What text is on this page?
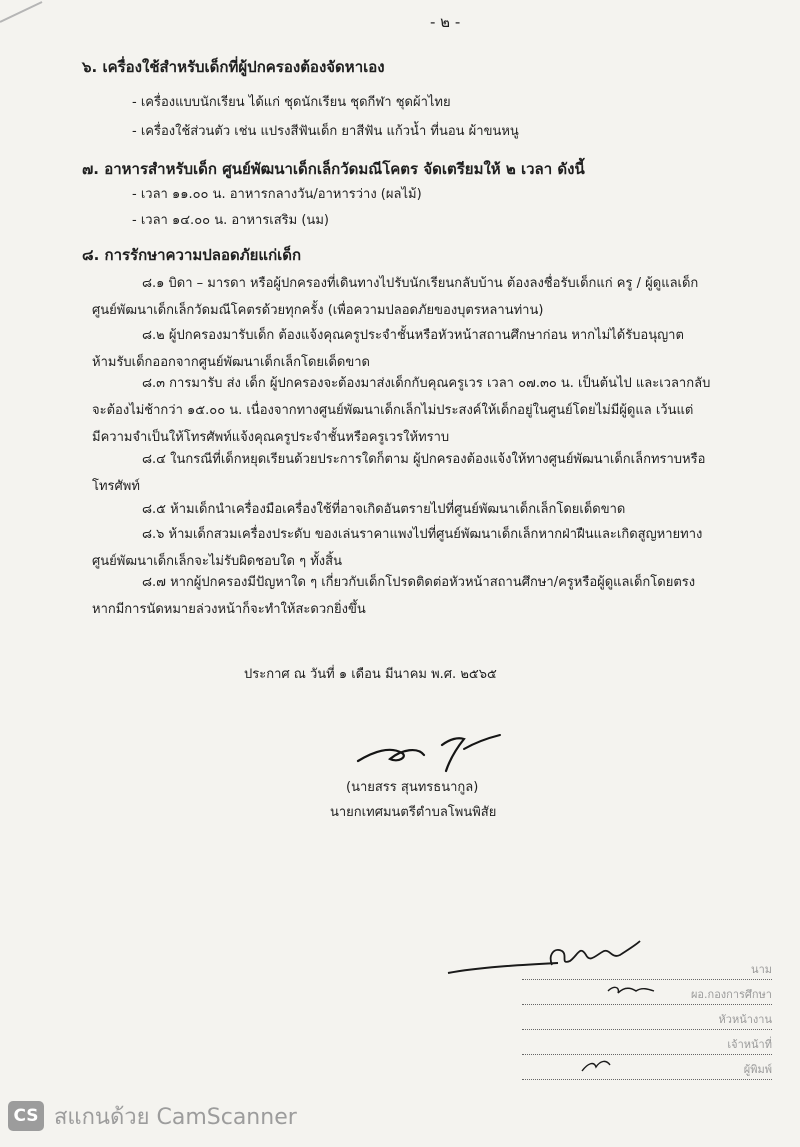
- ๒ -
๖. เครื่องใช้สำหรับเด็กที่ผู้ปกครองต้องจัดหาเอง
- เครื่องแบบนักเรียน ได้แก่ ชุดนักเรียน ชุดกีฬา ชุดผ้าไทย
- เครื่องใช้ส่วนตัว เช่น แปรงสีฟันเด็ก ยาสีฟัน แก้วน้ำ ที่นอน ผ้าขนหนู
๗. อาหารสำหรับเด็ก ศูนย์พัฒนาเด็กเล็กวัดมณีโคตร จัดเตรียมให้ ๒ เวลา ดังนี้
- เวลา ๑๑.๐๐ น. อาหารกลางวัน/อาหารว่าง (ผลไม้)
- เวลา ๑๔.๐๐ น. อาหารเสริม (นม)
๘. การรักษาความปลอดภัยแก่เด็ก
๘.๑ บิดา – มารดา หรือผู้ปกครองที่เดินทางไปรับนักเรียนกลับบ้าน ต้องลงชื่อรับเด็กแก่ ครู / ผู้ดูแลเด็ก
ศูนย์พัฒนาเด็กเล็กวัดมณีโคตรด้วยทุกครั้ง (เพื่อความปลอดภัยของบุตรหลานท่าน)
๘.๒ ผู้ปกครองมารับเด็ก ต้องแจ้งคุณครูประจำชั้นหรือหัวหน้าสถานศึกษาก่อน หากไม่ได้รับอนุญาต
ห้ามรับเด็กออกจากศูนย์พัฒนาเด็กเล็กโดยเด็ดขาด
๘.๓ การมารับ ส่ง เด็ก ผู้ปกครองจะต้องมาส่งเด็กกับคุณครูเวร เวลา ๐๗.๓๐ น. เป็นต้นไป และเวลากลับ
จะต้องไม่ช้ากว่า ๑๕.๐๐ น. เนื่องจากทางศูนย์พัฒนาเด็กเล็กไม่ประสงค์ให้เด็กอยู่ในศูนย์โดยไม่มีผู้ดูแล เว้นแต่
มีความจำเป็นให้โทรศัพท์แจ้งคุณครูประจำชั้นหรือครูเวรให้ทราบ
๘.๔ ในกรณีที่เด็กหยุดเรียนด้วยประการใดก็ตาม ผู้ปกครองต้องแจ้งให้ทางศูนย์พัฒนาเด็กเล็กทราบหรือ
โทรศัพท์
๘.๕ ห้ามเด็กนำเครื่องมือเครื่องใช้ที่อาจเกิดอันตรายไปที่ศูนย์พัฒนาเด็กเล็กโดยเด็ดขาด
๘.๖ ห้ามเด็กสวมเครื่องประดับ ของเล่นราคาแพงไปที่ศูนย์พัฒนาเด็กเล็กหากฝ่าฝืนและเกิดสูญหายทาง
ศูนย์พัฒนาเด็กเล็กจะไม่รับผิดชอบใด ๆ ทั้งสิ้น
๘.๗ หากผู้ปกครองมีปัญหาใด ๆ เกี่ยวกับเด็กโปรดติดต่อหัวหน้าสถานศึกษา/ครูหรือผู้ดูแลเด็กโดยตรง
หากมีการนัดหมายล่วงหน้าก็จะทำให้สะดวกยิ่งขึ้น
ประกาศ ณ วันที่ ๑ เดือน มีนาคม พ.ศ. ๒๕๖๕
(นายสรร สุนทรธนากูล)
นายกเทศมนตรีตำบลโพนพิสัย
นาม
ผอ.กองการศึกษา
หัวหน้างาน
เจ้าหน้าที่
ผู้พิมพ์
CS สแกนด้วย CamScanner
